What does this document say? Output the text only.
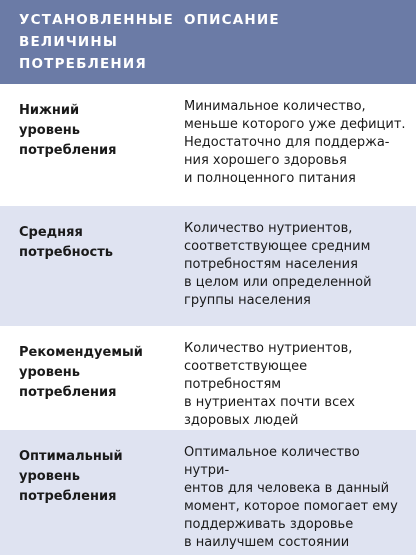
УСТАНОВЛЕННЫЕ
ВЕЛИЧИНЫ
ПОТРЕБЛЕНИЯ
ОПИСАНИЕ
Нижний
уровень
потребления
Минимальное количество,
меньше которого уже дефицит.
Недостаточно для поддержа-
ния хорошего здоровья
и полноценного питания
Средняя
потребность
Количество нутриентов,
соответствующее средним
потребностям населения
в целом или определенной
группы населения
Рекомендуемый
уровень
потребления
Количество нутриентов,
соответствующее потребностям
в нутриентах почти всех
здоровых людей
Оптимальный
уровень
потребления
Оптимальное количество нутри-
ентов для человека в данный
момент, которое помогает ему
поддерживать здоровье
в наилучшем состоянии
